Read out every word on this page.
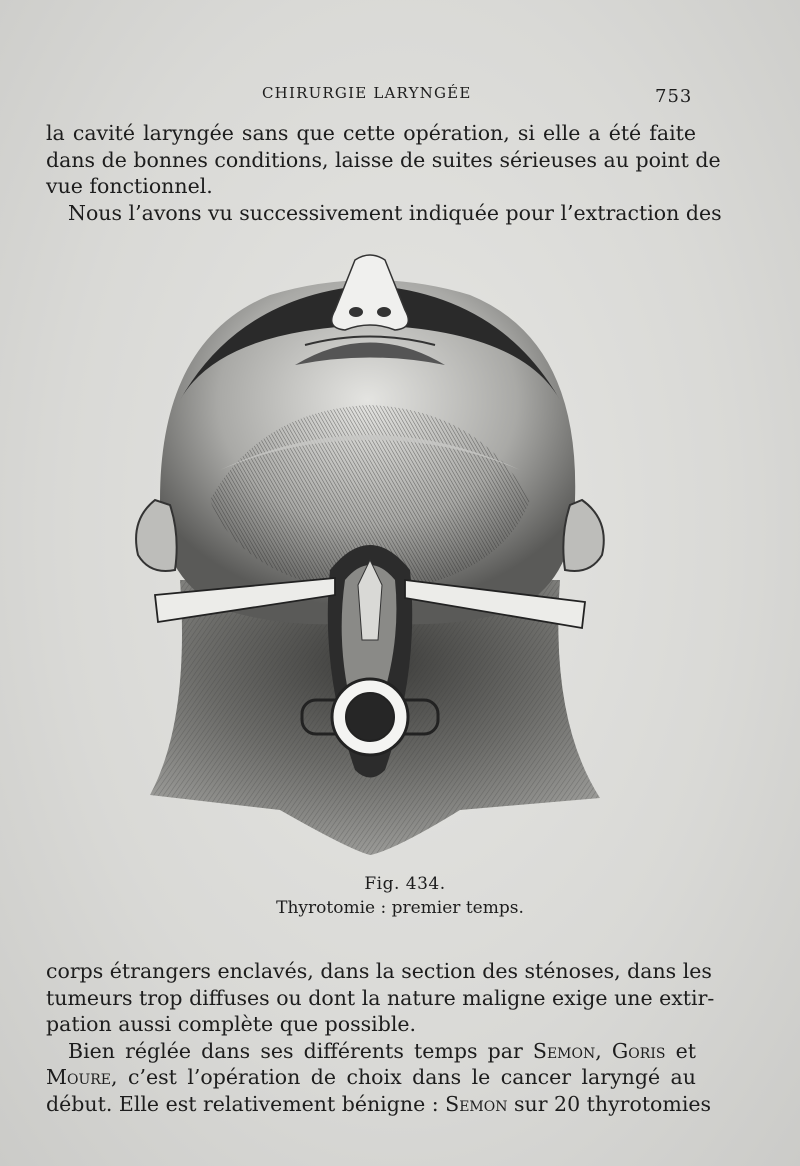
CHIRURGIE LARYNGÉE	753
la cavité laryngée sans que cette opération, si elle a été faite
dans de bonnes conditions, laisse de suites sérieuses au point de
vue fonctionnel.
Nous l’avons vu successivement indiquée pour l’extraction des
Fig. 434.
Thyrotomie : premier temps.
corps étrangers enclavés, dans la section des sténoses, dans les
tumeurs trop diffuses ou dont la nature maligne exige une extir-
pation aussi complète que possible.
Bien réglée dans ses différents temps par Semon, Goris et
Moure, c’est l’opération de choix dans le cancer laryngé au
début. Elle est relativement bénigne : Semon sur 20 thyrotomies
